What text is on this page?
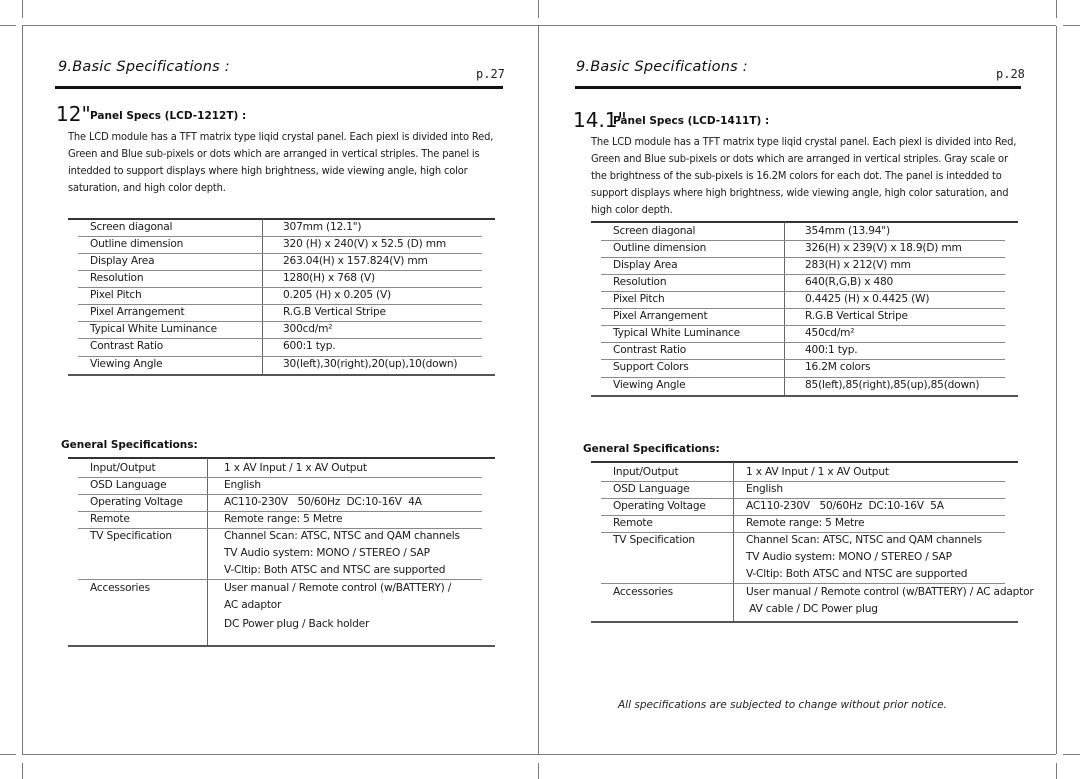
9.Basic Specifications :	p.27
12" Panel Specs (LCD-1212T) :

The LCD module has a TFT matrix type liqid crystal panel. Each piexl is divided into Red,

Green and Blue sub-pixels or dots which are arranged in vertical striples. The panel is

intedded to support displays where high brightness, wide viewing angle, high color

saturation, and high color depth.

Screen diagonal	307mm (12.1")
Outline dimension	320 (H) x 240(V) x 52.5 (D) mm
Display Area	263.04(H) x 157.824(V) mm
Resolution	1280(H) x 768 (V)
Pixel Pitch	0.205 (H) x 0.205 (V)
Pixel Arrangement	R.G.B Vertical Stripe
Typical White Luminance	300cd/m²
Contrast Ratio	600:1 typ.
Viewing Angle	30(left),30(right),20(up),10(down)
General Specifications:
Input/Output	1 x AV Input / 1 x AV Output
OSD Language	English
Operating Voltage	AC110-230V   50/60Hz  DC:10-16V  4A
Remote	Remote range: 5 Metre
TV Specification	Channel Scan: ATSC, NTSC and QAM channels
TV Audio system: MONO / STEREO / SAP
V-Cltip: Both ATSC and NTSC are supported
Accessories	User manual / Remote control (w/BATTERY) /
AC adaptor
DC Power plug / Back holder
9.Basic Specifications :	p.28
14.1"
Panel Specs (LCD-1411T) :

The LCD module has a TFT matrix type liqid crystal panel. Each piexl is divided into Red,

Green and Blue sub-pixels or dots which are arranged in vertical striples. Gray scale or

the brightness of the sub-pixels is 16.2M colors for each dot. The panel is intedded to

support displays where high brightness, wide viewing angle, high color saturation, and

high color depth.

Screen diagonal	354mm (13.94")
Outline dimension	326(H) x 239(V) x 18.9(D) mm
Display Area	283(H) x 212(V) mm
Resolution	640(R,G,B) x 480
Pixel Pitch	0.4425 (H) x 0.4425 (W)
Pixel Arrangement	R.G.B Vertical Stripe
Typical White Luminance	450cd/m²
Contrast Ratio	400:1 typ.
Support Colors	16.2M colors
Viewing Angle	85(left),85(right),85(up),85(down)
General Specifications:
Input/Output	1 x AV Input / 1 x AV Output
OSD Language	English
Operating Voltage	AC110-230V   50/60Hz  DC:10-16V  5A
Remote	Remote range: 5 Metre
TV Specification	Channel Scan: ATSC, NTSC and QAM channels
TV Audio system: MONO / STEREO / SAP
V-Cltip: Both ATSC and NTSC are supported
Accessories	User manual / Remote control (w/BATTERY) / AC adaptor
AV cable / DC Power plug
All specifications are subjected to change without prior notice.
